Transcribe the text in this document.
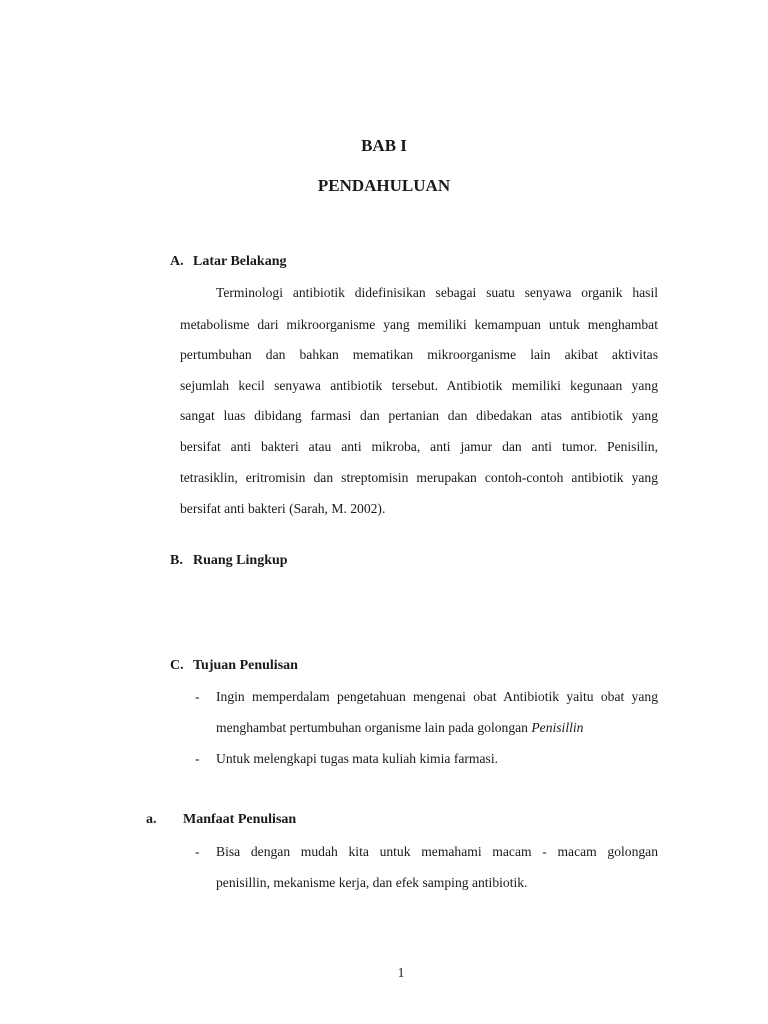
BAB I
PENDAHULUAN
A. Latar Belakang
Terminologi antibiotik didefinisikan sebagai suatu senyawa organik hasil
metabolisme dari mikroorganisme yang memiliki kemampuan untuk menghambat
pertumbuhan dan bahkan mematikan mikroorganisme lain akibat aktivitas
sejumlah kecil senyawa antibiotik tersebut. Antibiotik memiliki kegunaan yang
sangat luas dibidang farmasi dan pertanian dan dibedakan atas antibiotik yang
bersifat anti bakteri atau anti mikroba, anti jamur dan anti tumor. Penisilin,
tetrasiklin, eritromisin dan streptomisin merupakan contoh-contoh antibiotik yang
bersifat anti bakteri (Sarah, M. 2002).
B. Ruang Lingkup
C. Tujuan Penulisan
- Ingin memperdalam pengetahuan mengenai obat Antibiotik yaitu obat yang
menghambat pertumbuhan organisme lain pada golongan Penisillin
- Untuk melengkapi tugas mata kuliah kimia farmasi.
a. Manfaat Penulisan
- Bisa dengan mudah kita untuk memahami macam - macam golongan
penisillin, mekanisme kerja, dan efek samping antibiotik.
1
